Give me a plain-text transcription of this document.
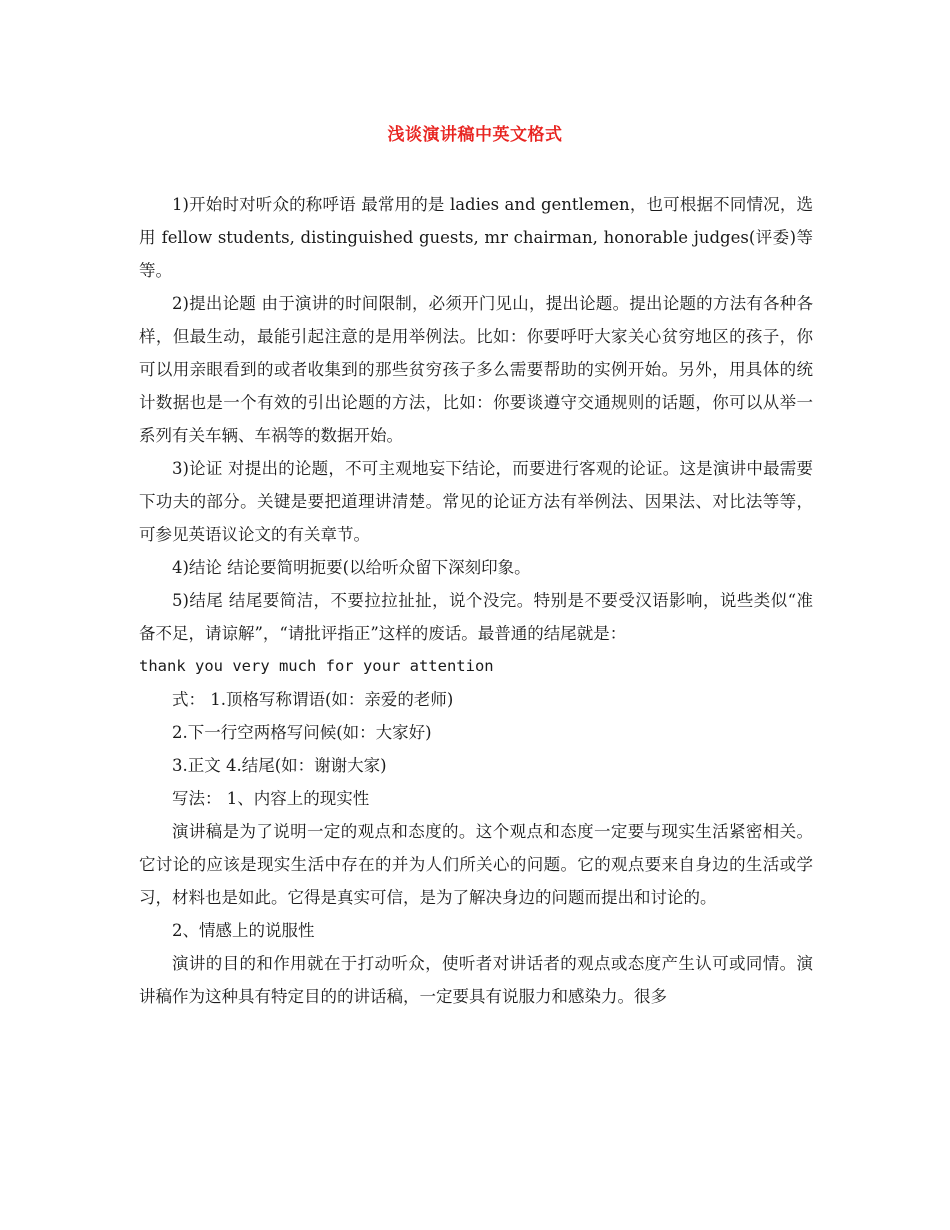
浅谈演讲稿中英文格式

1)开始时对听众的称呼语 最常用的是 ladies and gentlemen，也可根据不同情况，选用 fellow students, distinguished guests, mr chairman, honorable judges(评委)等等。

2)提出论题 由于演讲的时间限制，必须开门见山，提出论题。提出论题的方法有各种各样，但最生动，最能引起注意的是用举例法。比如：你要呼吁大家关心贫穷地区的孩子，你可以用亲眼看到的或者收集到的那些贫穷孩子多么需要帮助的实例开始。另外，用具体的统计数据也是一个有效的引出论题的方法，比如：你要谈遵守交通规则的话题，你可以从举一系列有关车辆、车祸等的数据开始。

3)论证 对提出的论题，不可主观地妄下结论，而要进行客观的论证。这是演讲中最需要下功夫的部分。关键是要把道理讲清楚。常见的论证方法有举例法、因果法、对比法等等，可参见英语议论文的有关章节。

4)结论 结论要简明扼要(以给听众留下深刻印象。

5)结尾 结尾要简洁，不要拉拉扯扯，说个没完。特别是不要受汉语影响，说些类似“准备不足，请谅解”，“请批评指正”这样的废话。最普通的结尾就是：

thank you very much for your attention

式： 1.顶格写称谓语(如：亲爱的老师)

2.下一行空两格写问候(如：大家好)

3.正文 4.结尾(如：谢谢大家)

写法： 1、内容上的现实性

演讲稿是为了说明一定的观点和态度的。这个观点和态度一定要与现实生活紧密相关。它讨论的应该是现实生活中存在的并为人们所关心的问题。它的观点要来自身边的生活或学习，材料也是如此。它得是真实可信，是为了解决身边的问题而提出和讨论的。

2、情感上的说服性

演讲的目的和作用就在于打动听众，使听者对讲话者的观点或态度产生认可或同情。演讲稿作为这种具有特定目的的讲话稿，一定要具有说服力和感染力。很多
